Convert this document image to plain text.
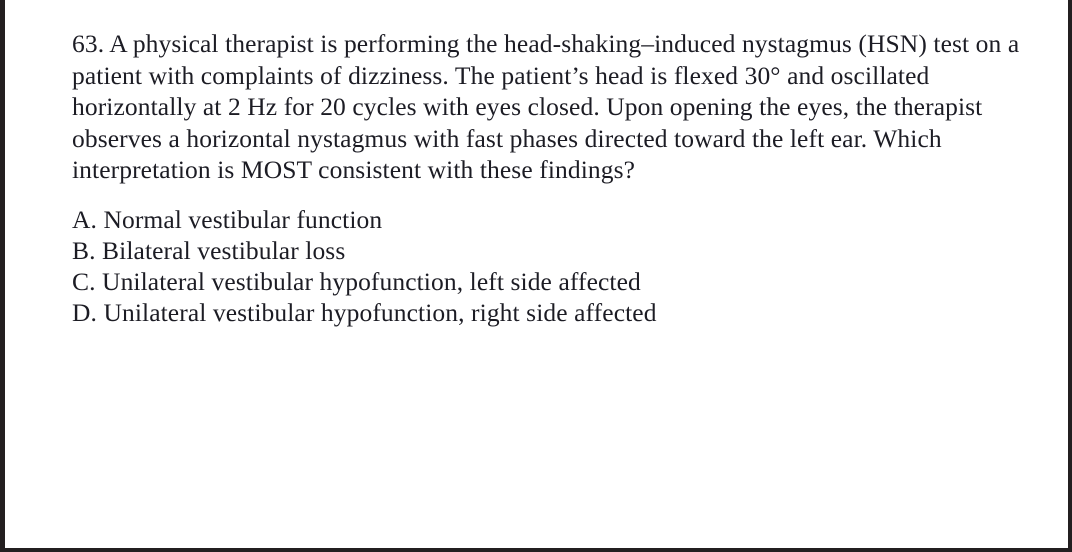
63. A physical therapist is performing the head-shaking–induced nystagmus (HSN) test on a patient with complaints of dizziness. The patient’s head is flexed 30° and oscillated horizontally at 2 Hz for 20 cycles with eyes closed. Upon opening the eyes, the therapist observes a horizontal nystagmus with fast phases directed toward the left ear. Which interpretation is MOST consistent with these findings?

A. Normal vestibular function
B. Bilateral vestibular loss
C. Unilateral vestibular hypofunction, left side affected
D. Unilateral vestibular hypofunction, right side affected
